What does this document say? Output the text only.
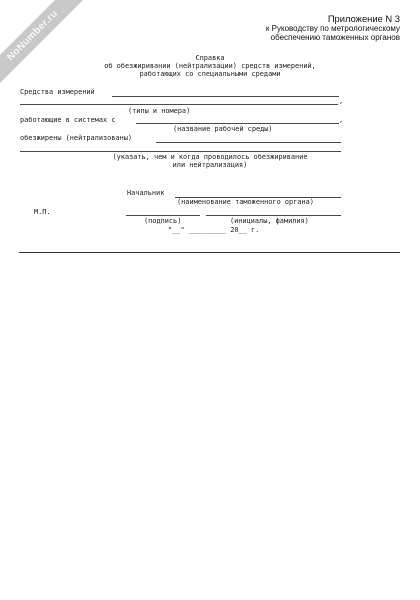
NoNumber.ru	Приложение N 3
к Руководству по метрологическому
обеспечению таможенных органов
Справка
об обезжиривании (нейтрализации) средств измерений,
работающих со специальными средами
Средства измерений
,
(типы и номера)
работающие в системах с	,
(название рабочей среды)
обезжирены (нейтрализованы)
(указать, чем и когда проводилось обезжиривание
или нейтрализация)
Начальник
(наименование таможенного органа)
М.П.
(подпись)	(инициалы, фамилия)
"__" _________ 20__ г.
